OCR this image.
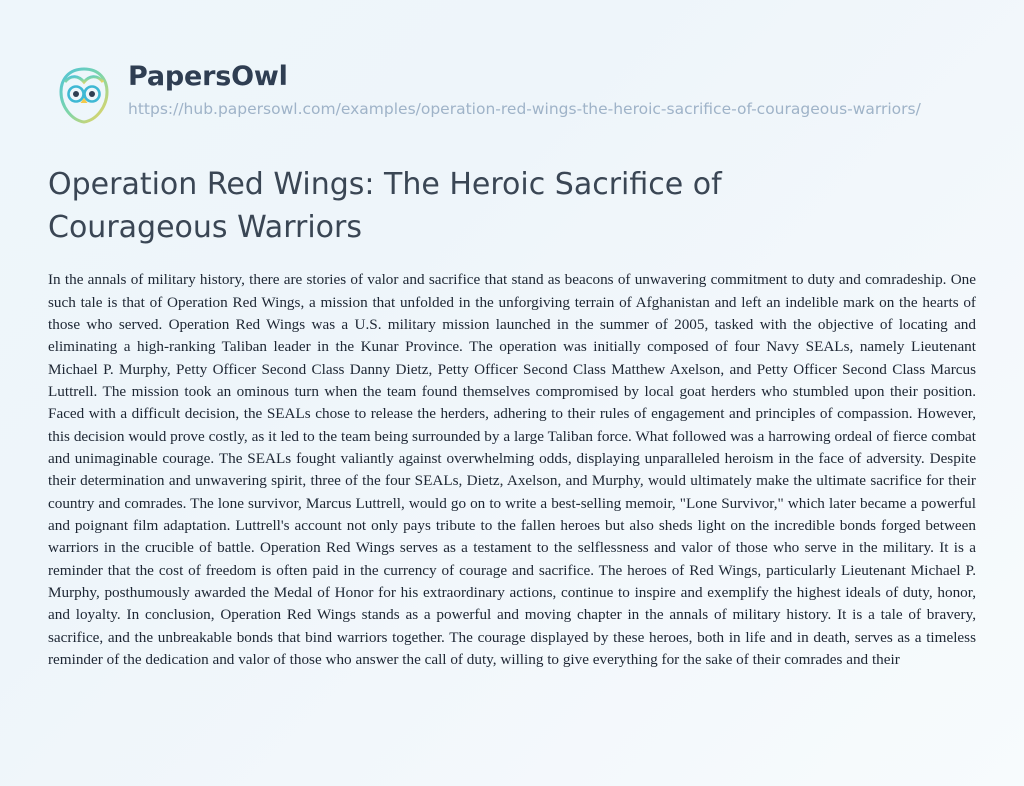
PapersOwl
https://hub.papersowl.com/examples/operation-red-wings-the-heroic-sacrifice-of-courageous-warriors/
Operation Red Wings: The Heroic Sacrifice of Courageous Warriors
In the annals of military history, there are stories of valor and sacrifice that stand as beacons of unwavering commitment to duty and comradeship. One such tale is that of Operation Red Wings, a mission that unfolded in the unforgiving terrain of Afghanistan and left an indelible mark on the hearts of those who served. Operation Red Wings was a U.S. military mission launched in the summer of 2005, tasked with the objective of locating and eliminating a high-ranking Taliban leader in the Kunar Province. The operation was initially composed of four Navy SEALs, namely Lieutenant Michael P. Murphy, Petty Officer Second Class Danny Dietz, Petty Officer Second Class Matthew Axelson, and Petty Officer Second Class Marcus Luttrell. The mission took an ominous turn when the team found themselves compromised by local goat herders who stumbled upon their position. Faced with a difficult decision, the SEALs chose to release the herders, adhering to their rules of engagement and principles of compassion. However, this decision would prove costly, as it led to the team being surrounded by a large Taliban force. What followed was a harrowing ordeal of fierce combat and unimaginable courage. The SEALs fought valiantly against overwhelming odds, displaying unparalleled heroism in the face of adversity. Despite their determination and unwavering spirit, three of the four SEALs, Dietz, Axelson, and Murphy, would ultimately make the ultimate sacrifice for their country and comrades. The lone survivor, Marcus Luttrell, would go on to write a best-selling memoir, "Lone Survivor," which later became a powerful and poignant film adaptation. Luttrell's account not only pays tribute to the fallen heroes but also sheds light on the incredible bonds forged between warriors in the crucible of battle. Operation Red Wings serves as a testament to the selflessness and valor of those who serve in the military. It is a reminder that the cost of freedom is often paid in the currency of courage and sacrifice. The heroes of Red Wings, particularly Lieutenant Michael P. Murphy, posthumously awarded the Medal of Honor for his extraordinary actions, continue to inspire and exemplify the highest ideals of duty, honor, and loyalty. In conclusion, Operation Red Wings stands as a powerful and moving chapter in the annals of military history. It is a tale of bravery, sacrifice, and the unbreakable bonds that bind warriors together. The courage displayed by these heroes, both in life and in death, serves as a timeless reminder of the dedication and valor of those who answer the call of duty, willing to give everything for the sake of their comrades and their
